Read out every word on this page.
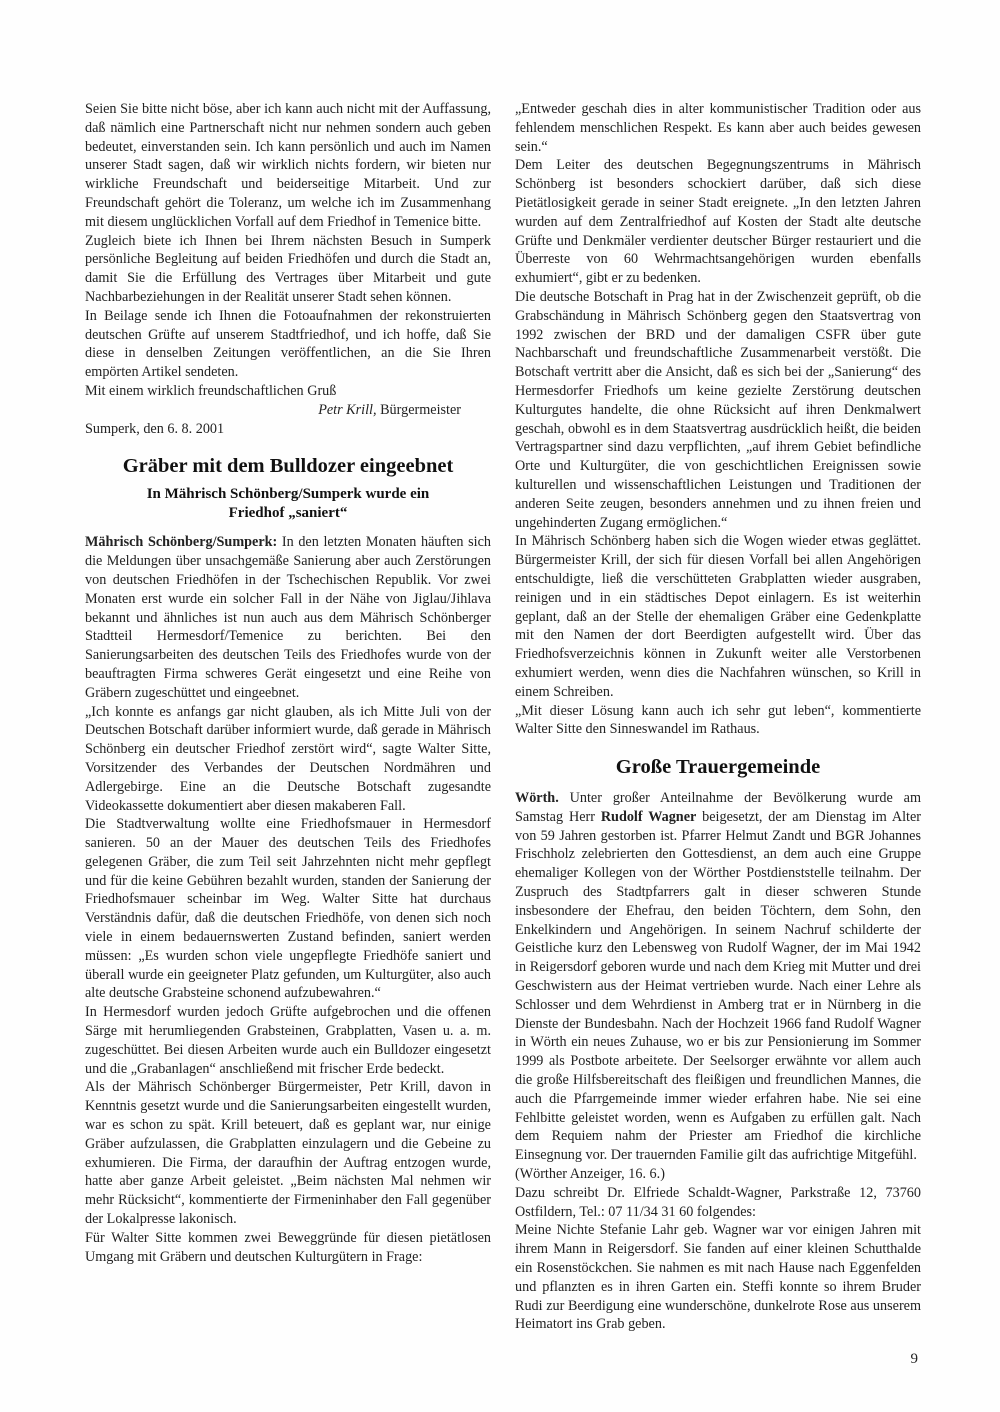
Seien Sie bitte nicht böse, aber ich kann auch nicht mit der Auffassung, daß nämlich eine Partnerschaft nicht nur nehmen sondern auch geben bedeutet, einverstanden sein. Ich kann persönlich und auch im Namen unserer Stadt sagen, daß wir wirklich nichts fordern, wir bieten nur wirkliche Freundschaft und beiderseitige Mitarbeit. Und zur Freundschaft gehört die Toleranz, um welche ich im Zusammenhang mit diesem unglücklichen Vorfall auf dem Friedhof in Temenice bitte.

Zugleich biete ich Ihnen bei Ihrem nächsten Besuch in Sumperk persönliche Begleitung auf beiden Friedhöfen und durch die Stadt an, damit Sie die Erfüllung des Vertrages über Mitarbeit und gute Nachbarbeziehungen in der Realität unserer Stadt sehen können.

In Beilage sende ich Ihnen die Fotoaufnahmen der rekonstruierten deutschen Grüfte auf unserem Stadtfriedhof, und ich hoffe, daß Sie diese in denselben Zeitungen veröffentlichen, an die Sie Ihren empörten Artikel sendeten.

Mit einem wirklich freundschaftlichen Gruß

Petr Krill, Bürgermeister

Sumperk, den 6. 8. 2001

Gräber mit dem Bulldozer eingeebnet
In Mährisch Schönberg/Sumperk wurde ein
Friedhof „saniert“

Mährisch Schönberg/Sumperk: In den letzten Monaten häuften sich die Meldungen über unsachgemäße Sanierung aber auch Zerstörungen von deutschen Friedhöfen in der Tschechischen Republik. Vor zwei Monaten erst wurde ein solcher Fall in der Nähe von Jiglau/Jihlava bekannt und ähnliches ist nun auch aus dem Mährisch Schönberger Stadtteil Hermesdorf/Temenice zu berichten. Bei den Sanierungsarbeiten des deutschen Teils des Friedhofes wurde von der beauftragten Firma schweres Gerät eingesetzt und eine Reihe von Gräbern zugeschüttet und eingeebnet.

„Ich konnte es anfangs gar nicht glauben, als ich Mitte Juli von der Deutschen Botschaft darüber informiert wurde, daß gerade in Mährisch Schönberg ein deutscher Friedhof zerstört wird“, sagte Walter Sitte, Vorsitzender des Verbandes der Deutschen Nordmähren und Adlergebirge. Eine an die Deutsche Botschaft zugesandte Videokassette dokumentiert aber diesen makaberen Fall.

Die Stadtverwaltung wollte eine Friedhofsmauer in Hermesdorf sanieren. 50 an der Mauer des deutschen Teils des Friedhofes gelegenen Gräber, die zum Teil seit Jahrzehnten nicht mehr gepflegt und für die keine Gebühren bezahlt wurden, standen der Sanierung der Friedhofsmauer scheinbar im Weg. Walter Sitte hat durchaus Verständnis dafür, daß die deutschen Friedhöfe, von denen sich noch viele in einem bedauernswerten Zustand befinden, saniert werden müssen: „Es wurden schon viele ungepflegte Friedhöfe saniert und überall wurde ein geeigneter Platz gefunden, um Kulturgüter, also auch alte deutsche Grabsteine schonend aufzubewahren.“

In Hermesdorf wurden jedoch Grüfte aufgebrochen und die offenen Särge mit herumliegenden Grabsteinen, Grabplatten, Vasen u. a. m. zugeschüttet. Bei diesen Arbeiten wurde auch ein Bulldozer eingesetzt und die „Grabanlagen“ anschließend mit frischer Erde bedeckt.

Als der Mährisch Schönberger Bürgermeister, Petr Krill, davon in Kenntnis gesetzt wurde und die Sanierungsarbeiten eingestellt wurden, war es schon zu spät. Krill beteuert, daß es geplant war, nur einige Gräber aufzulassen, die Grabplatten einzulagern und die Gebeine zu exhumieren. Die Firma, der daraufhin der Auftrag entzogen wurde, hatte aber ganze Arbeit geleistet. „Beim nächsten Mal nehmen wir mehr Rücksicht“, kommentierte der Firmeninhaber den Fall gegenüber der Lokalpresse lakonisch.

Für Walter Sitte kommen zwei Beweggründe für diesen pietätlosen Umgang mit Gräbern und deutschen Kulturgütern in Frage:

„Entweder geschah dies in alter kommunistischer Tradition oder aus fehlendem menschlichen Respekt. Es kann aber auch beides gewesen sein.“

Dem Leiter des deutschen Begegnungszentrums in Mährisch Schönberg ist besonders schockiert darüber, daß sich diese Pietätlosigkeit gerade in seiner Stadt ereignete. „In den letzten Jahren wurden auf dem Zentralfriedhof auf Kosten der Stadt alte deutsche Grüfte und Denkmäler verdienter deutscher Bürger restauriert und die Überreste von 60 Wehrmachtsangehörigen wurden ebenfalls exhumiert“, gibt er zu bedenken.

Die deutsche Botschaft in Prag hat in der Zwischenzeit geprüft, ob die Grabschändung in Mährisch Schönberg gegen den Staatsvertrag von 1992 zwischen der BRD und der damaligen CSFR über gute Nachbarschaft und freundschaftliche Zusammenarbeit verstößt. Die Botschaft vertritt aber die Ansicht, daß es sich bei der „Sanierung“ des Hermesdorfer Friedhofs um keine gezielte Zerstörung deutschen Kulturgutes handelte, die ohne Rücksicht auf ihren Denkmalwert geschah, obwohl es in dem Staatsvertrag ausdrücklich heißt, die beiden Vertragspartner sind dazu verpflichten, „auf ihrem Gebiet befindliche Orte und Kulturgüter, die von geschichtlichen Ereignissen sowie kulturellen und wissenschaftlichen Leistungen und Traditionen der anderen Seite zeugen, besonders annehmen und zu ihnen freien und ungehinderten Zugang ermöglichen.“

In Mährisch Schönberg haben sich die Wogen wieder etwas geglättet. Bürgermeister Krill, der sich für diesen Vorfall bei allen Angehörigen entschuldigte, ließ die verschütteten Grabplatten wieder ausgraben, reinigen und in ein städtisches Depot einlagern. Es ist weiterhin geplant, daß an der Stelle der ehemaligen Gräber eine Gedenkplatte mit den Namen der dort Beerdigten aufgestellt wird. Über das Friedhofsverzeichnis können in Zukunft weiter alle Verstorbenen exhumiert werden, wenn dies die Nachfahren wünschen, so Krill in einem Schreiben.

„Mit dieser Lösung kann auch ich sehr gut leben“, kommentierte Walter Sitte den Sinneswandel im Rathaus.

Große Trauergemeinde

Wörth. Unter großer Anteilnahme der Bevölkerung wurde am Samstag Herr Rudolf Wagner beigesetzt, der am Dienstag im Alter von 59 Jahren gestorben ist. Pfarrer Helmut Zandt und BGR Johannes Frischholz zelebrierten den Gottesdienst, an dem auch eine Gruppe ehemaliger Kollegen von der Wörther Postdienststelle teilnahm. Der Zuspruch des Stadtpfarrers galt in dieser schweren Stunde insbesondere der Ehefrau, den beiden Töchtern, dem Sohn, den Enkelkindern und Angehörigen. In seinem Nachruf schilderte der Geistliche kurz den Lebensweg von Rudolf Wagner, der im Mai 1942 in Reigersdorf geboren wurde und nach dem Krieg mit Mutter und drei Geschwistern aus der Heimat vertrieben wurde. Nach einer Lehre als Schlosser und dem Wehrdienst in Amberg trat er in Nürnberg in die Dienste der Bundesbahn. Nach der Hochzeit 1966 fand Rudolf Wagner in Wörth ein neues Zuhause, wo er bis zur Pensionierung im Sommer 1999 als Postbote arbeitete. Der Seelsorger erwähnte vor allem auch die große Hilfsbereitschaft des fleißigen und freundlichen Mannes, die auch die Pfarrgemeinde immer wieder erfahren habe. Nie sei eine Fehlbitte geleistet worden, wenn es Aufgaben zu erfüllen galt. Nach dem Requiem nahm der Priester am Friedhof die kirchliche Einsegnung vor. Der trauernden Familie gilt das aufrichtige Mitgefühl.

(Wörther Anzeiger, 16. 6.)

Dazu schreibt Dr. Elfriede Schaldt-Wagner, Parkstraße 12, 73760 Ostfildern, Tel.: 07 11/34 31 60 folgendes:

Meine Nichte Stefanie Lahr geb. Wagner war vor einigen Jahren mit ihrem Mann in Reigersdorf. Sie fanden auf einer kleinen Schutthalde ein Rosenstöckchen. Sie nahmen es mit nach Hause nach Eggenfelden und pflanzten es in ihren Garten ein. Steffi konnte so ihrem Bruder Rudi zur Beerdigung eine wunderschöne, dunkelrote Rose aus unserem Heimatort ins Grab geben.

9
